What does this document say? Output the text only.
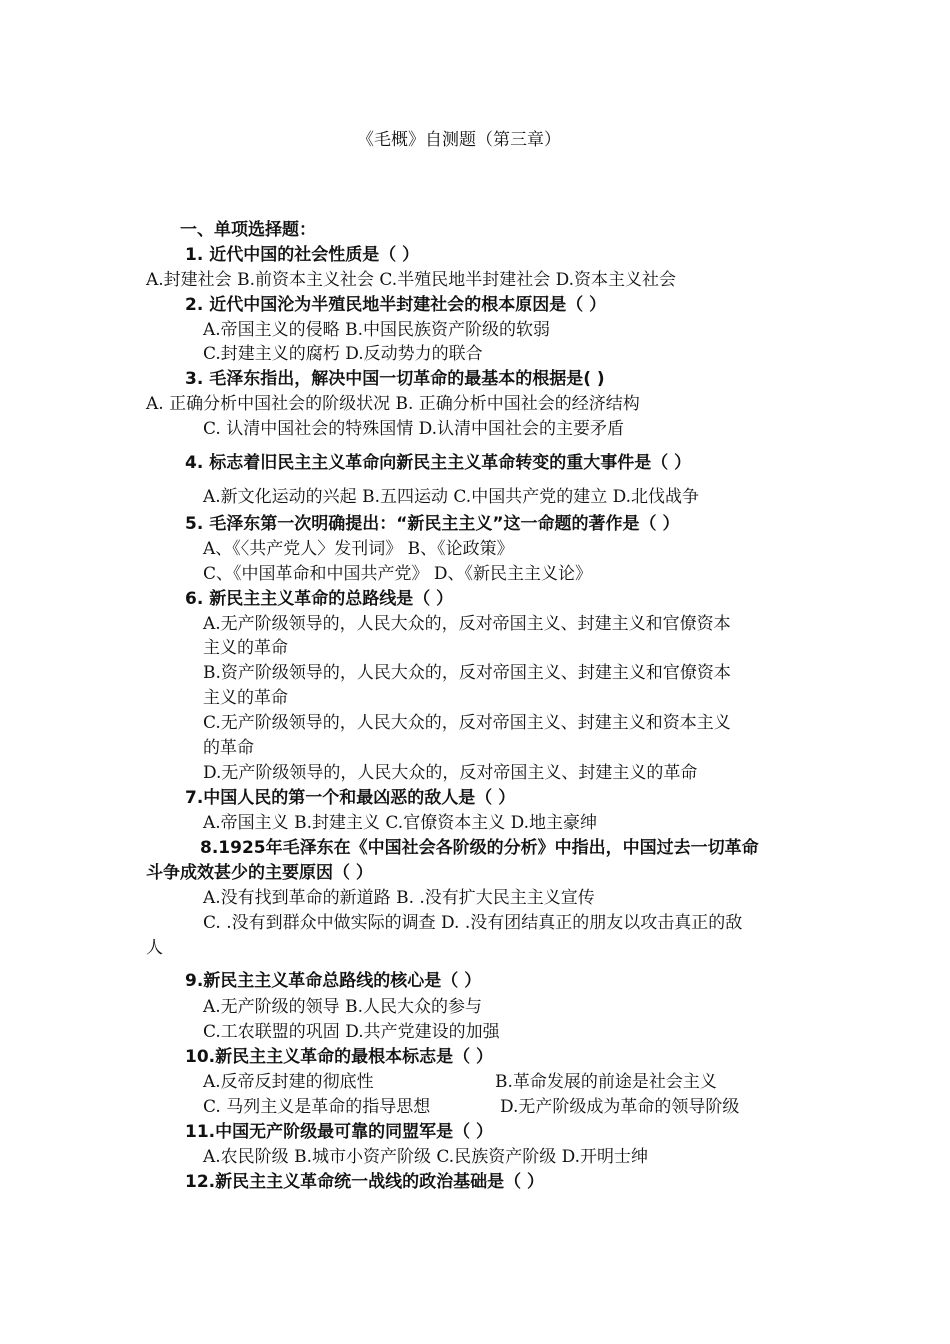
《毛概》自测题（第三章）
一、单项选择题：
1. 近代中国的社会性质是（ ）
A.封建社会 B.前资本主义社会 C.半殖民地半封建社会 D.资本主义社会
2. 近代中国沦为半殖民地半封建社会的根本原因是（ ）
A.帝国主义的侵略 B.中国民族资产阶级的软弱
C.封建主义的腐朽 D.反动势力的联合
3. 毛泽东指出，解决中国一切革命的最基本的根据是( )
A. 正确分析中国社会的阶级状况 B. 正确分析中国社会的经济结构
C. 认清中国社会的特殊国情 D.认清中国社会的主要矛盾
4. 标志着旧民主主义革命向新民主主义革命转变的重大事件是（ ）
A.新文化运动的兴起 B.五四运动 C.中国共产党的建立 D.北伐战争
5. 毛泽东第一次明确提出：“新民主主义”这一命题的著作是（ ）
A、《〈共产党人〉发刊词》 B、《论政策》
C、《中国革命和中国共产党》 D、《新民主主义论》
6. 新民主主义革命的总路线是（ ）
A.无产阶级领导的，人民大众的，反对帝国主义、封建主义和官僚资本
主义的革命
B.资产阶级领导的，人民大众的，反对帝国主义、封建主义和官僚资本
主义的革命
C.无产阶级领导的，人民大众的，反对帝国主义、封建主义和资本主义
的革命
D.无产阶级领导的，人民大众的，反对帝国主义、封建主义的革命
7.中国人民的第一个和最凶恶的敌人是（ ）
A.帝国主义 B.封建主义 C.官僚资本主义 D.地主豪绅
8.1925年毛泽东在《中国社会各阶级的分析》中指出，中国过去一切革命
斗争成效甚少的主要原因（ ）
A.没有找到革命的新道路 B. .没有扩大民主主义宣传
C. .没有到群众中做实际的调查 D. .没有团结真正的朋友以攻击真正的敌
人
9.新民主主义革命总路线的核心是（ ）
A.无产阶级的领导 B.人民大众的参与
C.工农联盟的巩固 D.共产党建设的加强
10.新民主主义革命的最根本标志是（ ）
A.反帝反封建的彻底性	B.革命发展的前途是社会主义
C. 马列主义是革命的指导思想	D.无产阶级成为革命的领导阶级
11.中国无产阶级最可靠的同盟军是（ ）
A.农民阶级 B.城市小资产阶级 C.民族资产阶级 D.开明士绅
12.新民主主义革命统一战线的政治基础是（ ）
